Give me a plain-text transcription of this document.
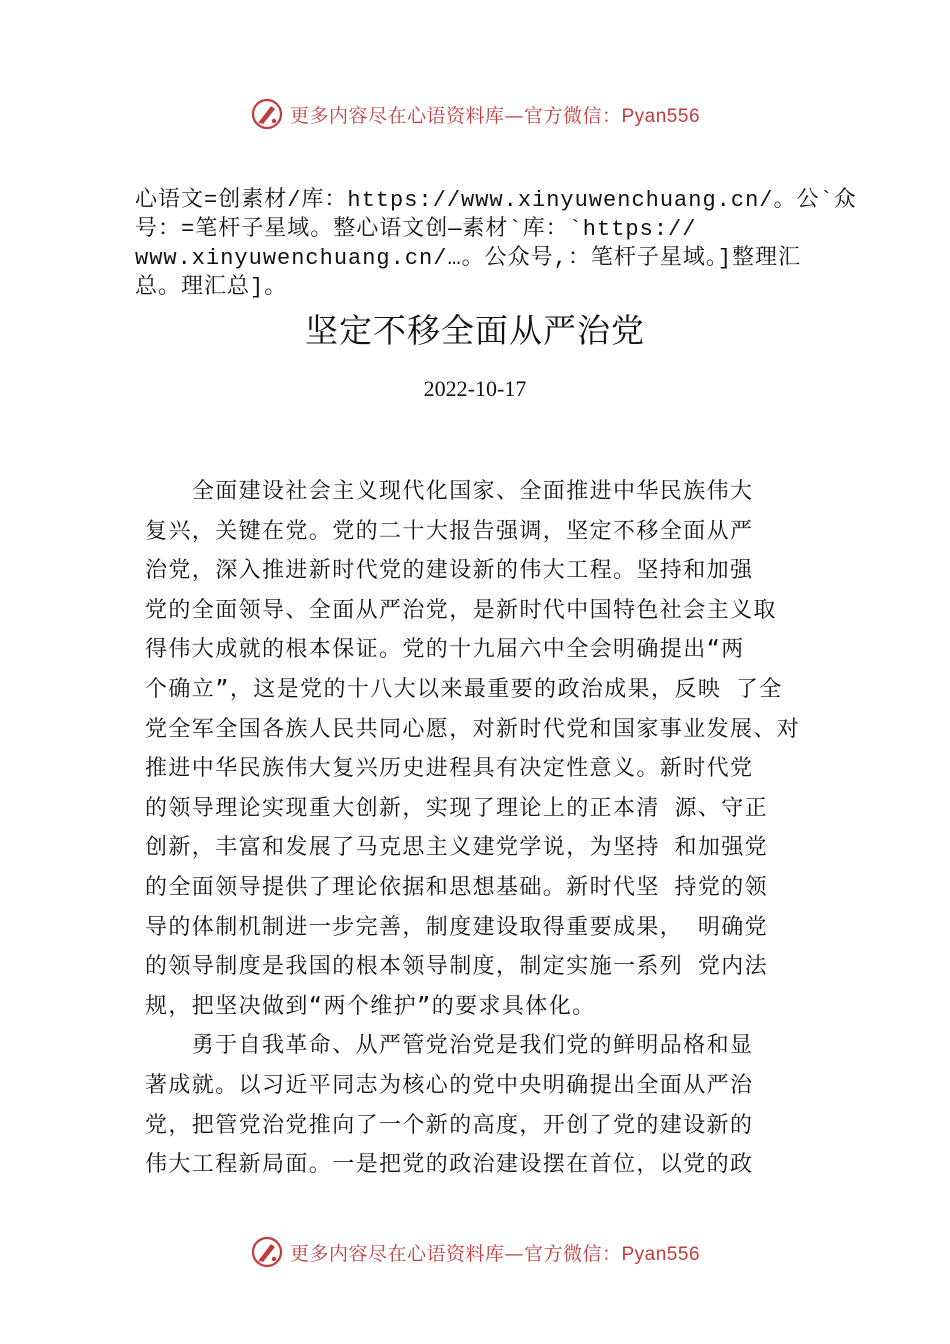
更多内容尽在心语资料库—官方微信：Pyan556
心语文=创素材/库：https://www.xinyuwenchuang.cn/。公`众
号：=笔杆子星域。整心语文创—素材`库：`https://
www.xinyuwenchuang.cn/…。公众号,：笔杆子星域。]整理汇
总。理汇总]。
坚定不移全面从严治党
2022-10-17
　　全面建设社会主义现代化国家、全面推进中华民族伟大
复兴，关键在党。党的二十大报告强调，坚定不移全面从严
治党，深入推进新时代党的建设新的伟大工程。坚持和加强
党的全面领导、全面从严治党，是新时代中国特色社会主义取
得伟大成就的根本保证。党的十九届六中全会明确提出“两
个确立”，这是党的十八大以来最重要的政治成果，反映 了全
党全军全国各族人民共同心愿，对新时代党和国家事业发展、对
推进中华民族伟大复兴历史进程具有决定性意义。新时代党
的领导理论实现重大创新，实现了理论上的正本清 源、守正
创新，丰富和发展了马克思主义建党学说，为坚持 和加强党
的全面领导提供了理论依据和思想基础。新时代坚 持党的领
导的体制机制进一步完善，制度建设取得重要成果， 明确党
的领导制度是我国的根本领导制度，制定实施一系列 党内法
规，把坚决做到“两个维护”的要求具体化。
　　勇于自我革命、从严管党治党是我们党的鲜明品格和显
著成就。以习近平同志为核心的党中央明确提出全面从严治
党，把管党治党推向了一个新的高度，开创了党的建设新的
伟大工程新局面。一是把党的政治建设摆在首位，以党的政
更多内容尽在心语资料库—官方微信：Pyan556
